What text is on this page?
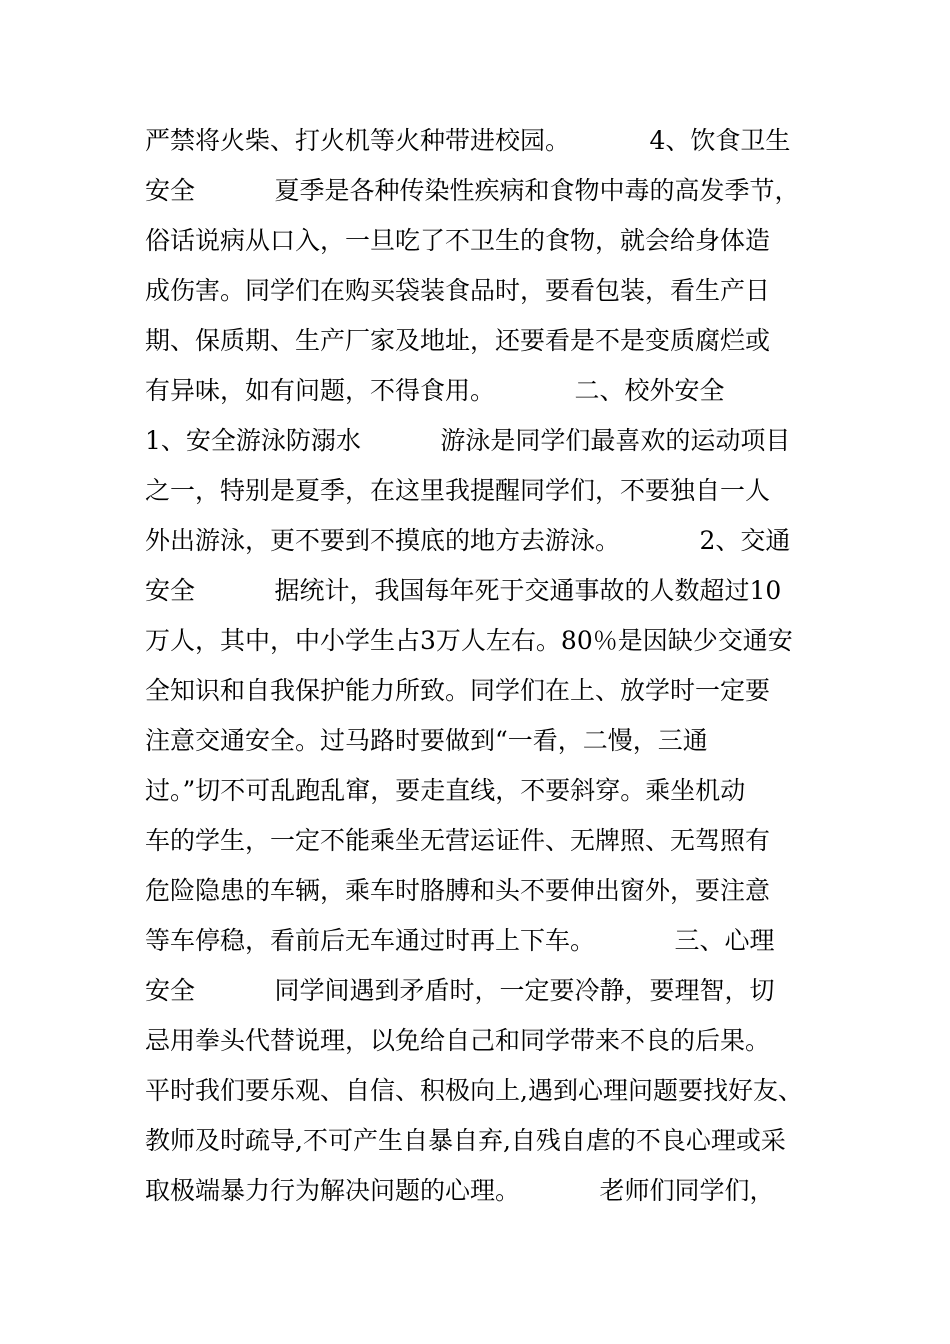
严禁将火柴、打火机等火种带进校园。          4、饮食卫生
安全          夏季是各种传染性疾病和食物中毒的高发季节，
俗话说病从口入，一旦吃了不卫生的食物，就会给身体造
成伤害。同学们在购买袋装食品时，要看包装，看生产日
期、保质期、生产厂家及地址，还要看是不是变质腐烂或
有异味，如有问题，不得食用。          二、校外安全
1、安全游泳防溺水          游泳是同学们最喜欢的运动项目
之一，特别是夏季，在这里我提醒同学们，不要独自一人
外出游泳，更不要到不摸底的地方去游泳。          2、交通
安全          据统计，我国每年死于交通事故的人数超过10
万人，其中，中小学生占3万人左右。80％是因缺少交通安
全知识和自我保护能力所致。同学们在上、放学时一定要
注意交通安全。过马路时要做到“一看，二慢，三通
过。”切不可乱跑乱窜，要走直线，不要斜穿。乘坐机动
车的学生，一定不能乘坐无营运证件、无牌照、无驾照有
危险隐患的车辆，乘车时胳膊和头不要伸出窗外，要注意
等车停稳，看前后无车通过时再上下车。          三、心理
安全          同学间遇到矛盾时，一定要冷静，要理智，切
忌用拳头代替说理，以免给自己和同学带来不良的后果。
平时我们要乐观、自信、积极向上,遇到心理问题要找好友、
教师及时疏导,不可产生自暴自弃,自残自虐的不良心理或采
取极端暴力行为解决问题的心理。          老师们同学们，
